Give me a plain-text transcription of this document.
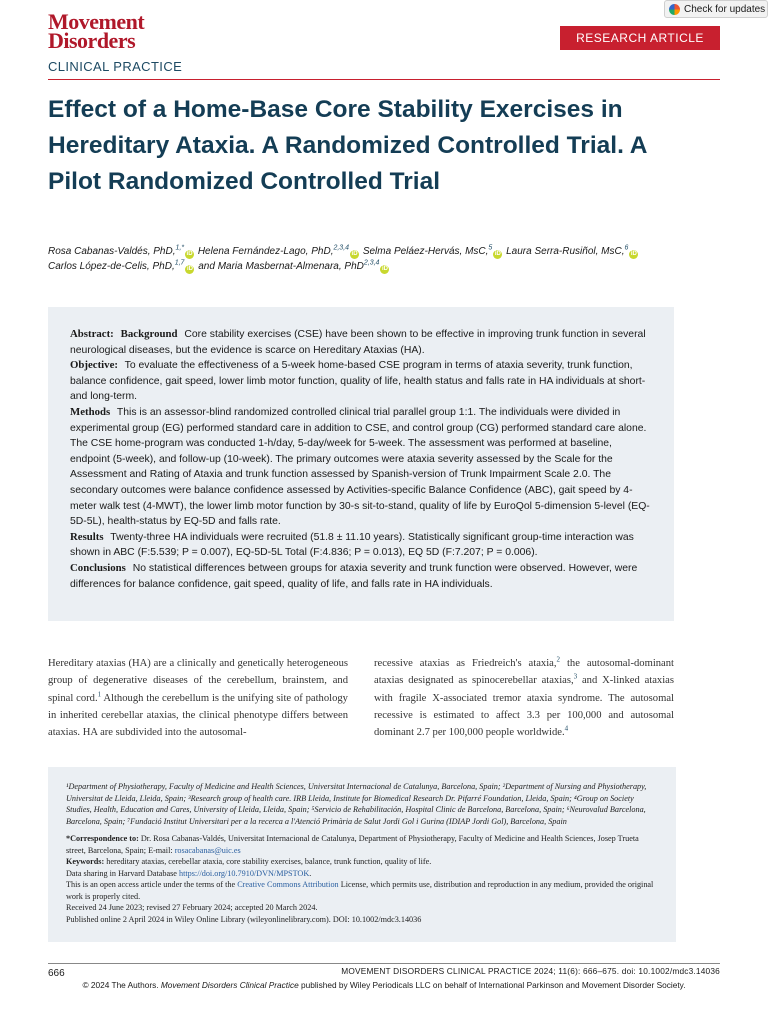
Check for updates
Movement
Disorders	RESEARCH ARTICLE
CLINICAL PRACTICE
Effect of a Home-Base Core Stability Exercises in Hereditary Ataxia. A Randomized Controlled Trial. A Pilot Randomized Controlled Trial
Rosa Cabanas-Valdés, PhD,$^{1,*}$iD Helena Fernández-Lago, PhD,$^{2,3,4}$iD Selma Peláez-Hervás, MsC,$^5$iD Laura Serra-Rusiñol, MsC,$^6$iD
Carlos López-de-Celis, PhD,$^{1,7}$iD and Maria Masbernat-Almenara, PhD$^{2,3,4}$iD

Abstract: Background Core stability exercises (CSE) have been shown to be effective in improving trunk function in several neurological diseases, but the evidence is scarce on Hereditary Ataxias (HA).

Objective: To evaluate the effectiveness of a 5-week home-based CSE program in terms of ataxia severity, trunk function, balance confidence, gait speed, lower limb motor function, quality of life, health status and falls rate in HA individuals at short- and long-term.

Methods This is an assessor-blind randomized controlled clinical trial parallel group 1:1. The individuals were divided in experimental group (EG) performed standard care in addition to CSE, and control group (CG) performed standard care alone. The CSE home-program was conducted 1-h/day, 5-day/week for 5-week. The assessment was performed at baseline, endpoint (5-week), and follow-up (10-week). The primary outcomes were ataxia severity assessed by the Scale for the Assessment and Rating of Ataxia and trunk function assessed by Spanish-version of Trunk Impairment Scale 2.0. The secondary outcomes were balance confidence assessed by Activities-specific Balance Confidence (ABC), gait speed by 4-meter walk test (4-MWT), the lower limb motor function by 30-s sit-to-stand, quality of life by EuroQol 5-dimension 5-level (EQ-5D-5L), health-status by EQ-5D and falls rate.

Results Twenty-three HA individuals were recruited (51.8 ± 11.10 years). Statistically significant group-time interaction was shown in ABC (F:5.539; P = 0.007), EQ-5D-5L Total (F:4.836; P = 0.013), EQ 5D (F:7.207; P = 0.006).

Conclusions No statistical differences between groups for ataxia severity and trunk function were observed. However, were differences for balance confidence, gait speed, quality of life, and falls rate in HA individuals.

Hereditary ataxias (HA) are a clinically and genetically heterogeneous group of degenerative diseases of the cerebellum, brainstem, and spinal cord.$^1$ Although the cerebellum is the unifying site of pathology in inherited cerebellar ataxias, the clinical phenotype differs between ataxias. HA are subdivided into the autosomal-

recessive ataxias as Friedreich's ataxia,$^2$ the autosomal-dominant ataxias designated as spinocerebellar ataxias,$^3$ and X-linked ataxias with fragile X-associated tremor ataxia syndrome. The autosomal recessive is estimated to affect 3.3 per 100,000 and autosomal dominant 2.7 per 100,000 people worldwide.$^4$

¹Department of Physiotherapy, Faculty of Medicine and Health Sciences, Universitat Internacional de Catalunya, Barcelona, Spain; ²Department of Nursing and Physiotherapy, Universitat de Lleida, Lleida, Spain; ³Research group of health care. IRB Lleida, Institute for Biomedical Research Dr. Pifarré Foundation, Lleida, Spain; ⁴Group on Society Studies, Health, Education and Cares, University of Lleida, Lleida, Spain; ⁵Servicio de Rehabilitación, Hospital Clinic de Barcelona, Barcelona, Spain; ⁶Neurovalud Barcelona, Barcelona, Spain; ⁷Fundació Institut Universitari per a la recerca a l'Atenció Primària de Salut Jordi Gol i Gurina (IDIAP Jordi Gol), Barcelona, Spain

*Correspondence to: Dr. Rosa Cabanas-Valdés, Universitat Internacional de Catalunya, Department of Physiotherapy, Faculty of Medicine and Health Sciences, Josep Trueta street, Barcelona, Spain; E-mail: rosacabanas@uic.es

Keywords: hereditary ataxias, cerebellar ataxia, core stability exercises, balance, trunk function, quality of life.

Data sharing in Harvard Database https://doi.org/10.7910/DVN/MPSTOK.

This is an open access article under the terms of the Creative Commons Attribution License, which permits use, distribution and reproduction in any medium, provided the original work is properly cited.

Received 24 June 2023; revised 27 February 2024; accepted 20 March 2024.

Published online 2 April 2024 in Wiley Online Library (wileyonlinelibrary.com). DOI: 10.1002/mdc3.14036

666	MOVEMENT DISORDERS CLINICAL PRACTICE 2024; 11(6): 666–675. doi: 10.1002/mdc3.14036
© 2024 The Authors. Movement Disorders Clinical Practice published by Wiley Periodicals LLC on behalf of International Parkinson and Movement Disorder Society.
